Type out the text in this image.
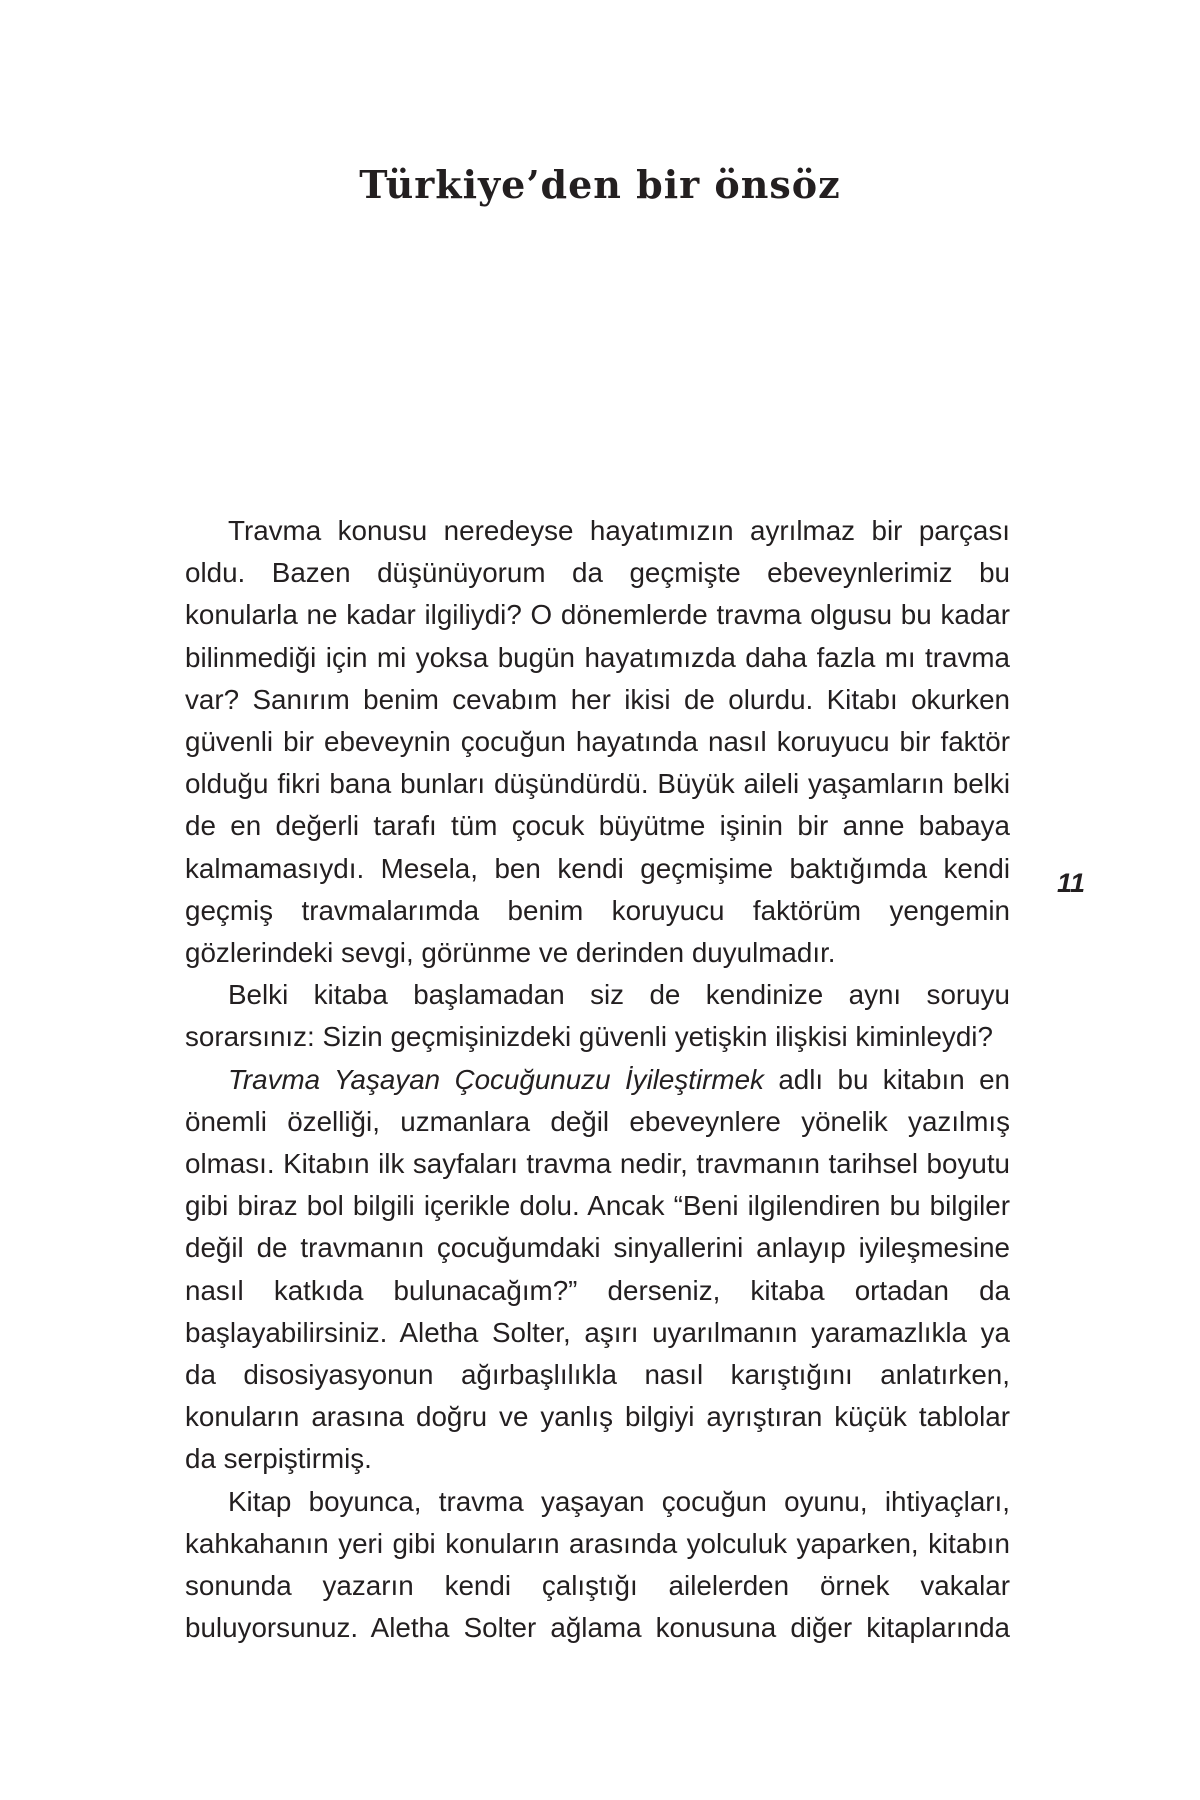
Türkiye’den bir önsöz

Travma konusu neredeyse hayatımızın ayrılmaz bir parçası oldu. Bazen düşünüyorum da geçmişte ebeveynlerimiz bu konularla ne kadar ilgiliydi? O dönemlerde travma olgusu bu kadar bilinmediği için mi yoksa bugün hayatımızda daha fazla mı travma var? Sanırım benim cevabım her ikisi de olurdu. Kitabı okurken güvenli bir ebeveynin çocuğun hayatında nasıl koruyucu bir faktör olduğu fikri bana bunları düşündürdü. Büyük aileli yaşamların belki de en değerli tarafı tüm çocuk büyütme işinin bir anne babaya kalmamasıydı. Mesela, ben kendi geçmişime baktığımda kendi geçmiş travmalarımda benim koruyucu faktörüm yengemin gözlerindeki sevgi, görünme ve derinden duyulmadır.

Belki kitaba başlamadan siz de kendinize aynı soruyu sorarsınız: Sizin geçmişinizdeki güvenli yetişkin ilişkisi kiminleydi?

Travma Yaşayan Çocuğunuzu İyileştirmek adlı bu kitabın en önemli özelliği, uzmanlara değil ebeveynlere yönelik yazılmış olması. Kitabın ilk sayfaları travma nedir, travmanın tarihsel boyutu gibi biraz bol bilgili içerikle dolu. Ancak “Beni ilgilendiren bu bilgiler değil de travmanın çocuğumdaki sinyallerini anlayıp iyileşmesine nasıl katkıda bulunacağım?” derseniz, kitaba ortadan da başlayabilirsiniz. Aletha Solter, aşırı uyarılmanın yaramazlıkla ya da disosiyasyonun ağırbaşlılıkla nasıl karıştığını anlatırken, konuların arasına doğru ve yanlış bilgiyi ayrıştıran küçük tablolar da serpiştirmiş.

Kitap boyunca, travma yaşayan çocuğun oyunu, ihtiyaçları, kahkahanın yeri gibi konuların arasında yolculuk yaparken, kitabın sonunda yazarın kendi çalıştığı ailelerden örnek vakalar buluyorsunuz. Aletha Solter ağlama konusuna diğer kitaplarında

11
